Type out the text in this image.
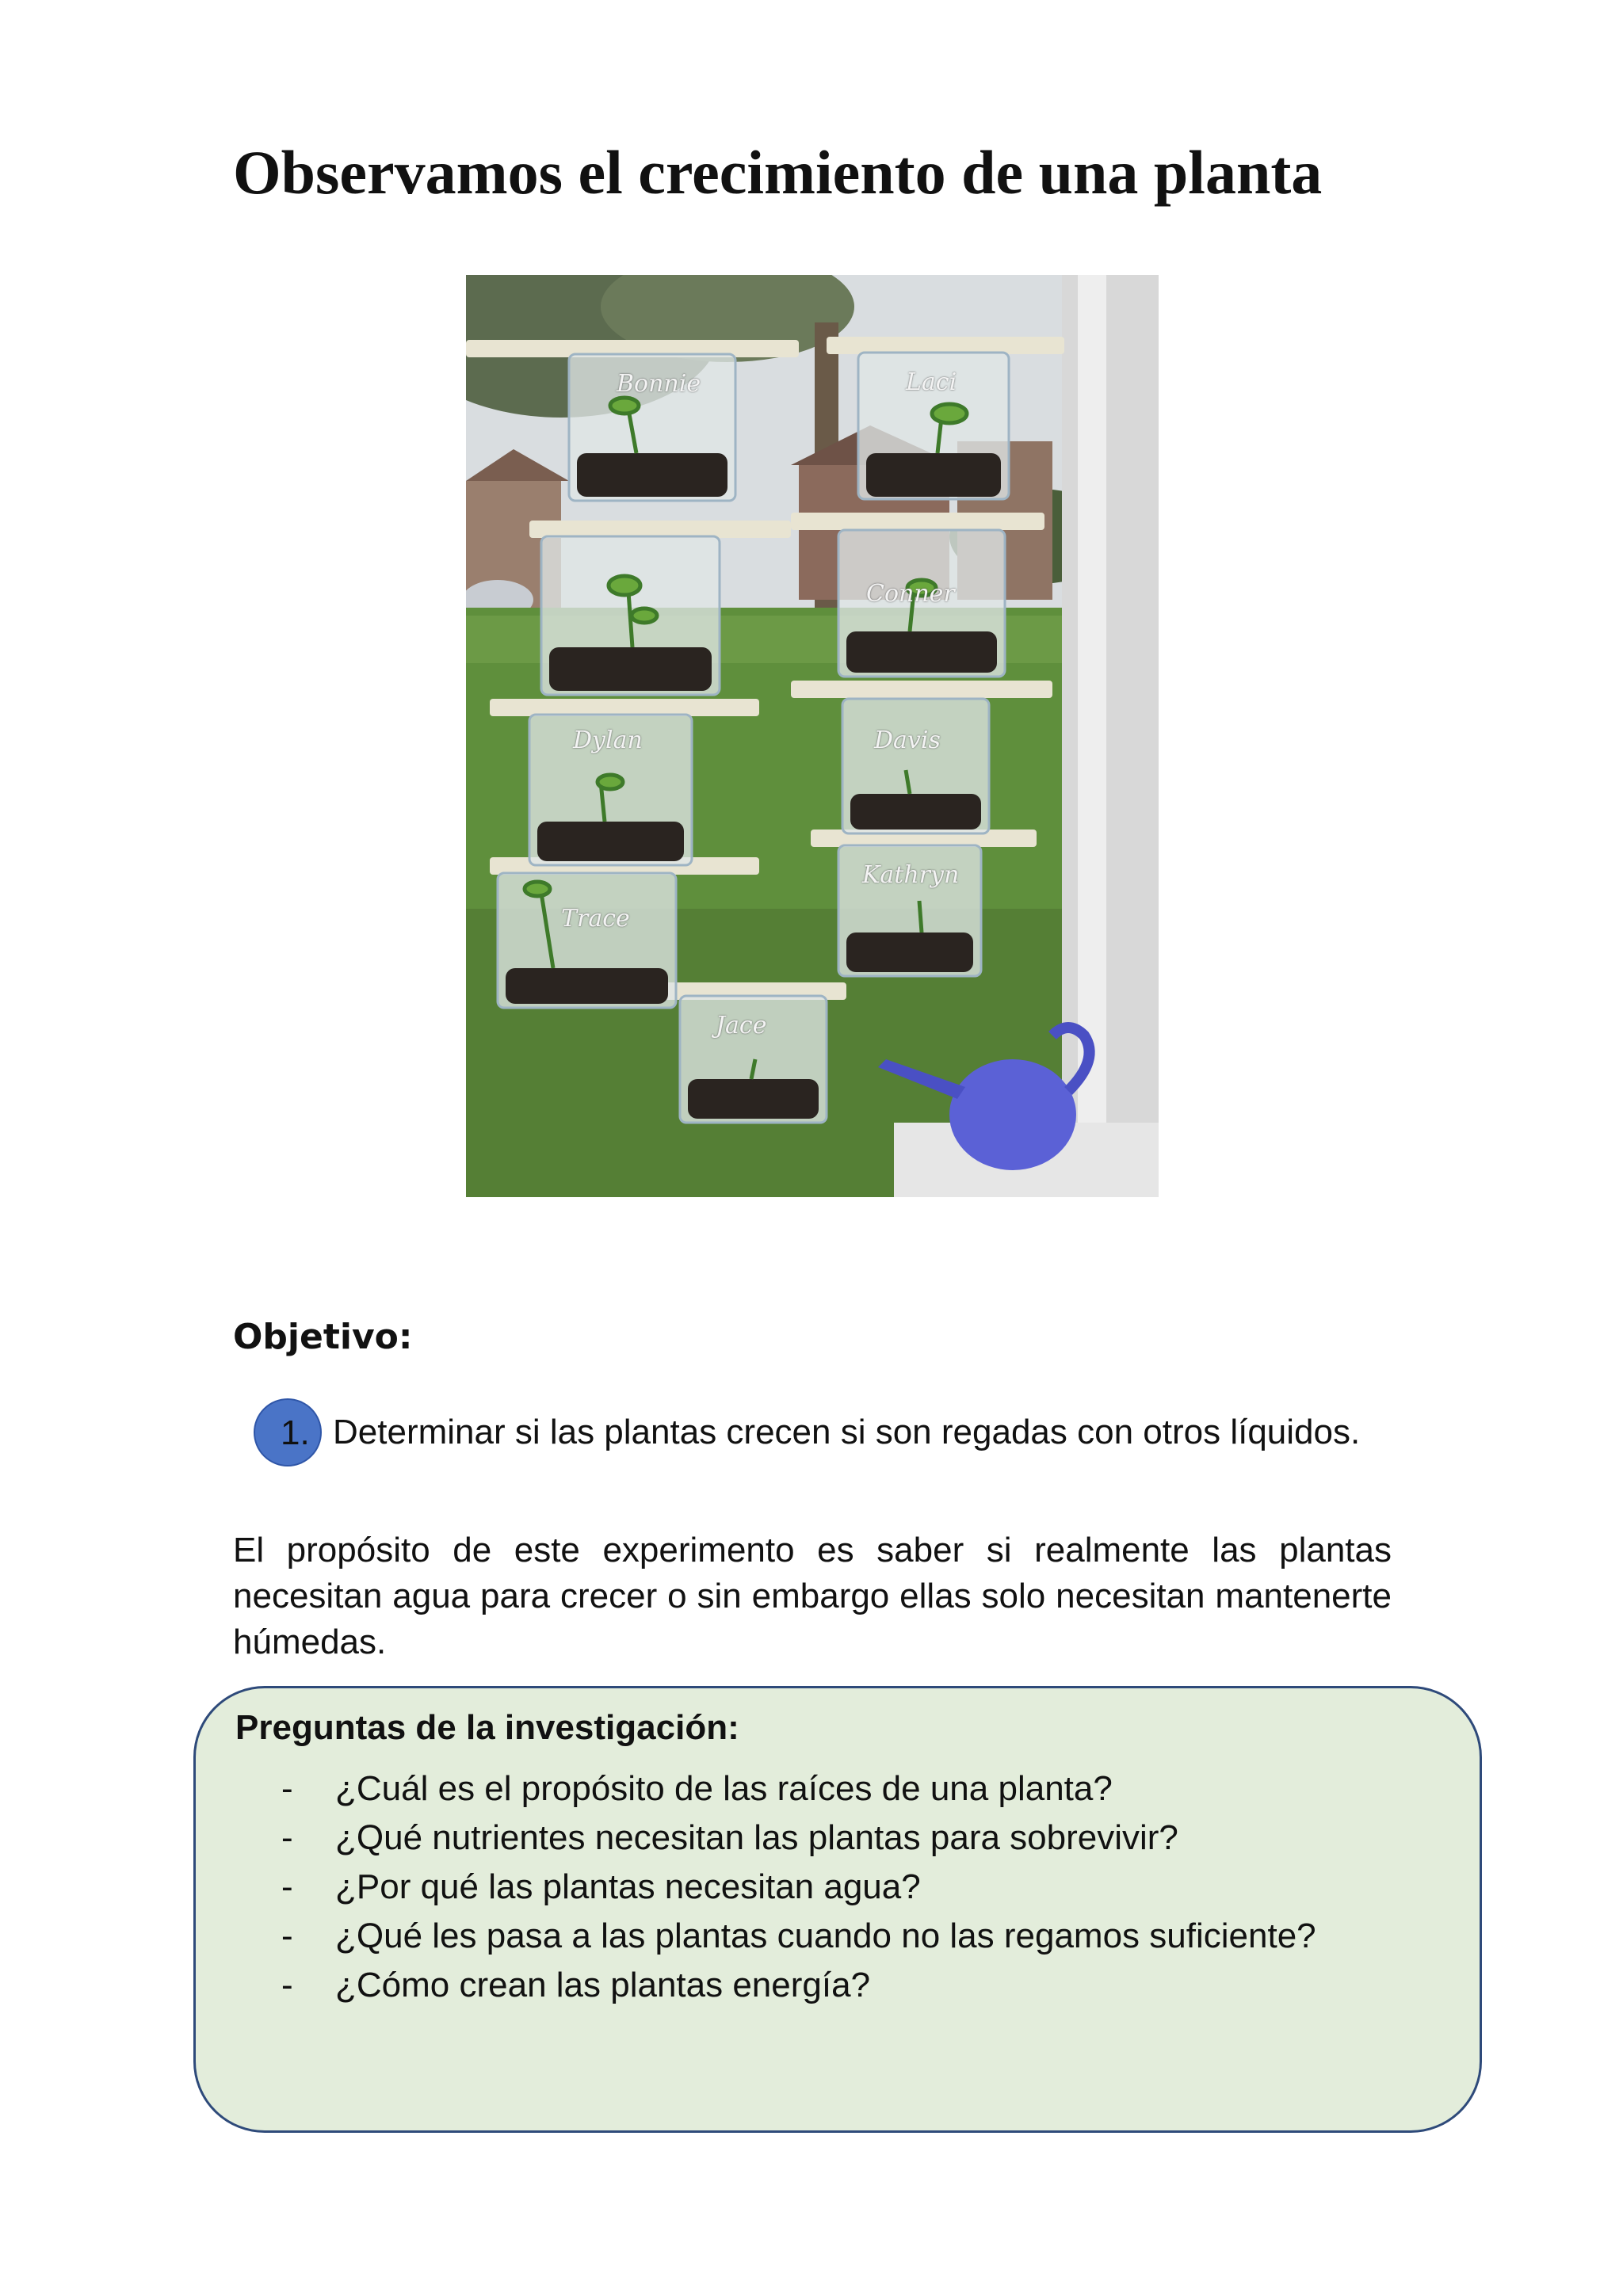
Observamos el crecimiento de una planta
Bonnie	Laci
Conner
Dylan	Davis
Trace
Kathryn
Jace
Objetivo:
1. Determinar si las plantas crecen si son regadas con otros líquidos.

El propósito de este experimento es saber si realmente las plantas necesitan agua para crecer o sin embargo ellas solo necesitan mantenerte húmedas.

Preguntas de la investigación:
- ¿Cuál es el propósito de las raíces de una planta?
- ¿Qué nutrientes necesitan las plantas para sobrevivir?
- ¿Por qué las plantas necesitan agua?
- ¿Qué les pasa a las plantas cuando no las regamos suficiente?
- ¿Cómo crean las plantas energía?
